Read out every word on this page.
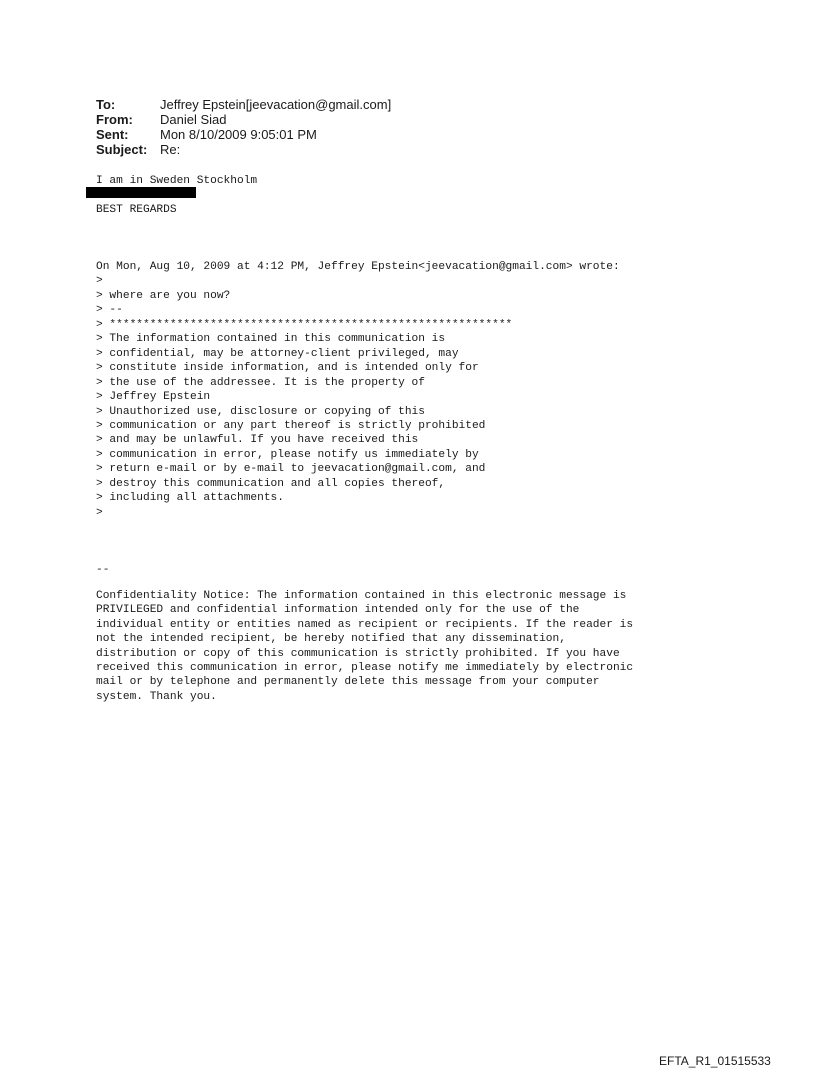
To:	Jeffrey Epstein[jeevacation@gmail.com]
From:	Daniel Siad
Sent:	Mon 8/10/2009 9:05:01 PM
Subject: Re:
I am in Sweden Stockholm
BEST REGARDS
On Mon, Aug 10, 2009 at 4:12 PM, Jeffrey Epstein<jeevacation@gmail.com> wrote:
>
> where are you now?
> --
> ************************************************************
> The information contained in this communication is
> confidential, may be attorney-client privileged, may
> constitute inside information, and is intended only for
> the use of the addressee. It is the property of
> Jeffrey Epstein
> Unauthorized use, disclosure or copying of this
> communication or any part thereof is strictly prohibited
> and may be unlawful. If you have received this
> communication in error, please notify us immediately by
> return e-mail or by e-mail to jeevacation@gmail.com, and
> destroy this communication and all copies thereof,
> including all attachments.
>
--
Confidentiality Notice: The information contained in this electronic message is
PRIVILEGED and confidential information intended only for the use of the
individual entity or entities named as recipient or recipients. If the reader is
not the intended recipient, be hereby notified that any dissemination,
distribution or copy of this communication is strictly prohibited. If you have
received this communication in error, please notify me immediately by electronic
mail or by telephone and permanently delete this message from your computer
system. Thank you.
EFTA_R1_01515533
